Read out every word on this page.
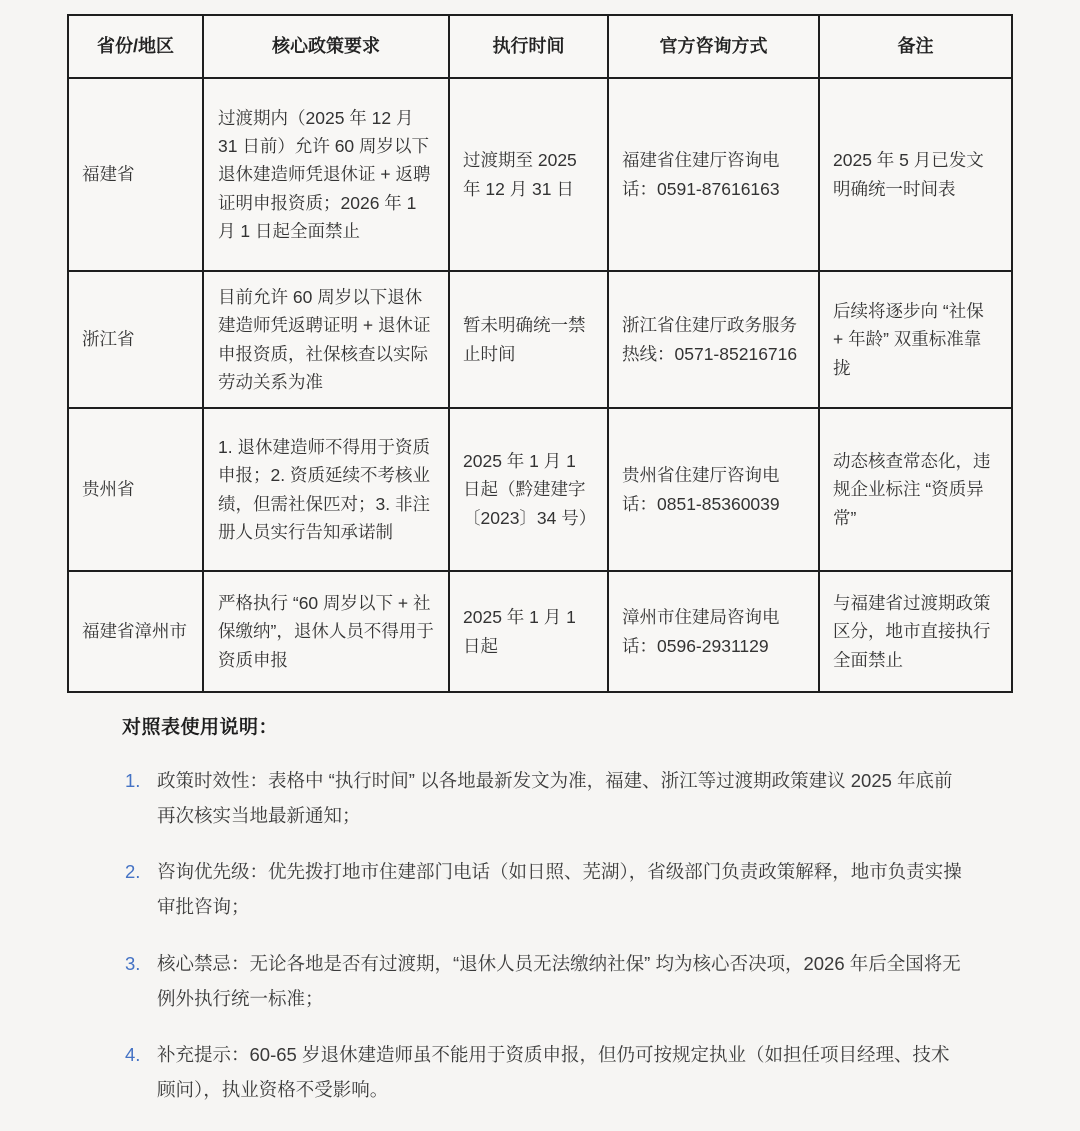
省份/地区	核心政策要求	执行时间	官方咨询方式	备注
福建省	过渡期内（2025 年 12 月 31 日前）允许 60 周岁以下退休建造师凭退休证 + 返聘证明申报资质；2026 年 1 月 1 日起全面禁止	过渡期至 2025 年 12 月 31 日	福建省住建厅咨询电话：0591-87616163	2025 年 5 月已发文明确统一时间表
浙江省	目前允许 60 周岁以下退休建造师凭返聘证明 + 退休证申报资质，社保核查以实际劳动关系为准	暂未明确统一禁止时间	浙江省住建厅政务服务热线：0571-85216716	后续将逐步向 “社保 + 年龄” 双重标准靠拢
贵州省	1. 退休建造师不得用于资质申报；2. 资质延续不考核业绩，但需社保匹对；3. 非注册人员实行告知承诺制	2025 年 1 月 1 日起（黔建建字〔2023〕34 号）	贵州省住建厅咨询电话：0851-85360039	动态核查常态化，违规企业标注 “资质异常”
福建省漳州市	严格执行 “60 周岁以下 + 社保缴纳”，退休人员不得用于资质申报	2025 年 1 月 1 日起	漳州市住建局咨询电话：0596-2931129	与福建省过渡期政策区分，地市直接执行全面禁止
对照表使用说明：
1. 政策时效性：表格中 “执行时间” 以各地最新发文为准，福建、浙江等过渡期政策建议 2025 年底前再次核实当地最新通知；
2. 咨询优先级：优先拨打地市住建部门电话（如日照、芜湖），省级部门负责政策解释，地市负责实操审批咨询；
3. 核心禁忌：无论各地是否有过渡期，“退休人员无法缴纳社保” 均为核心否决项，2026 年后全国将无例外执行统一标准；
4. 补充提示：60-65 岁退休建造师虽不能用于资质申报，但仍可按规定执业（如担任项目经理、技术顾问），执业资格不受影响。
